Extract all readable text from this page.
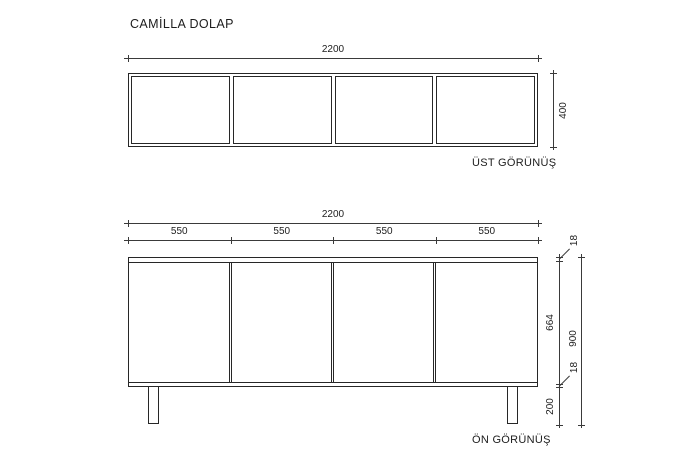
CAMİLLA DOLAP
2200
400
ÜST GÖRÜNÜŞ
2200
550	550	550	550
18
664
18
200
900
ÖN GÖRÜNÜŞ
